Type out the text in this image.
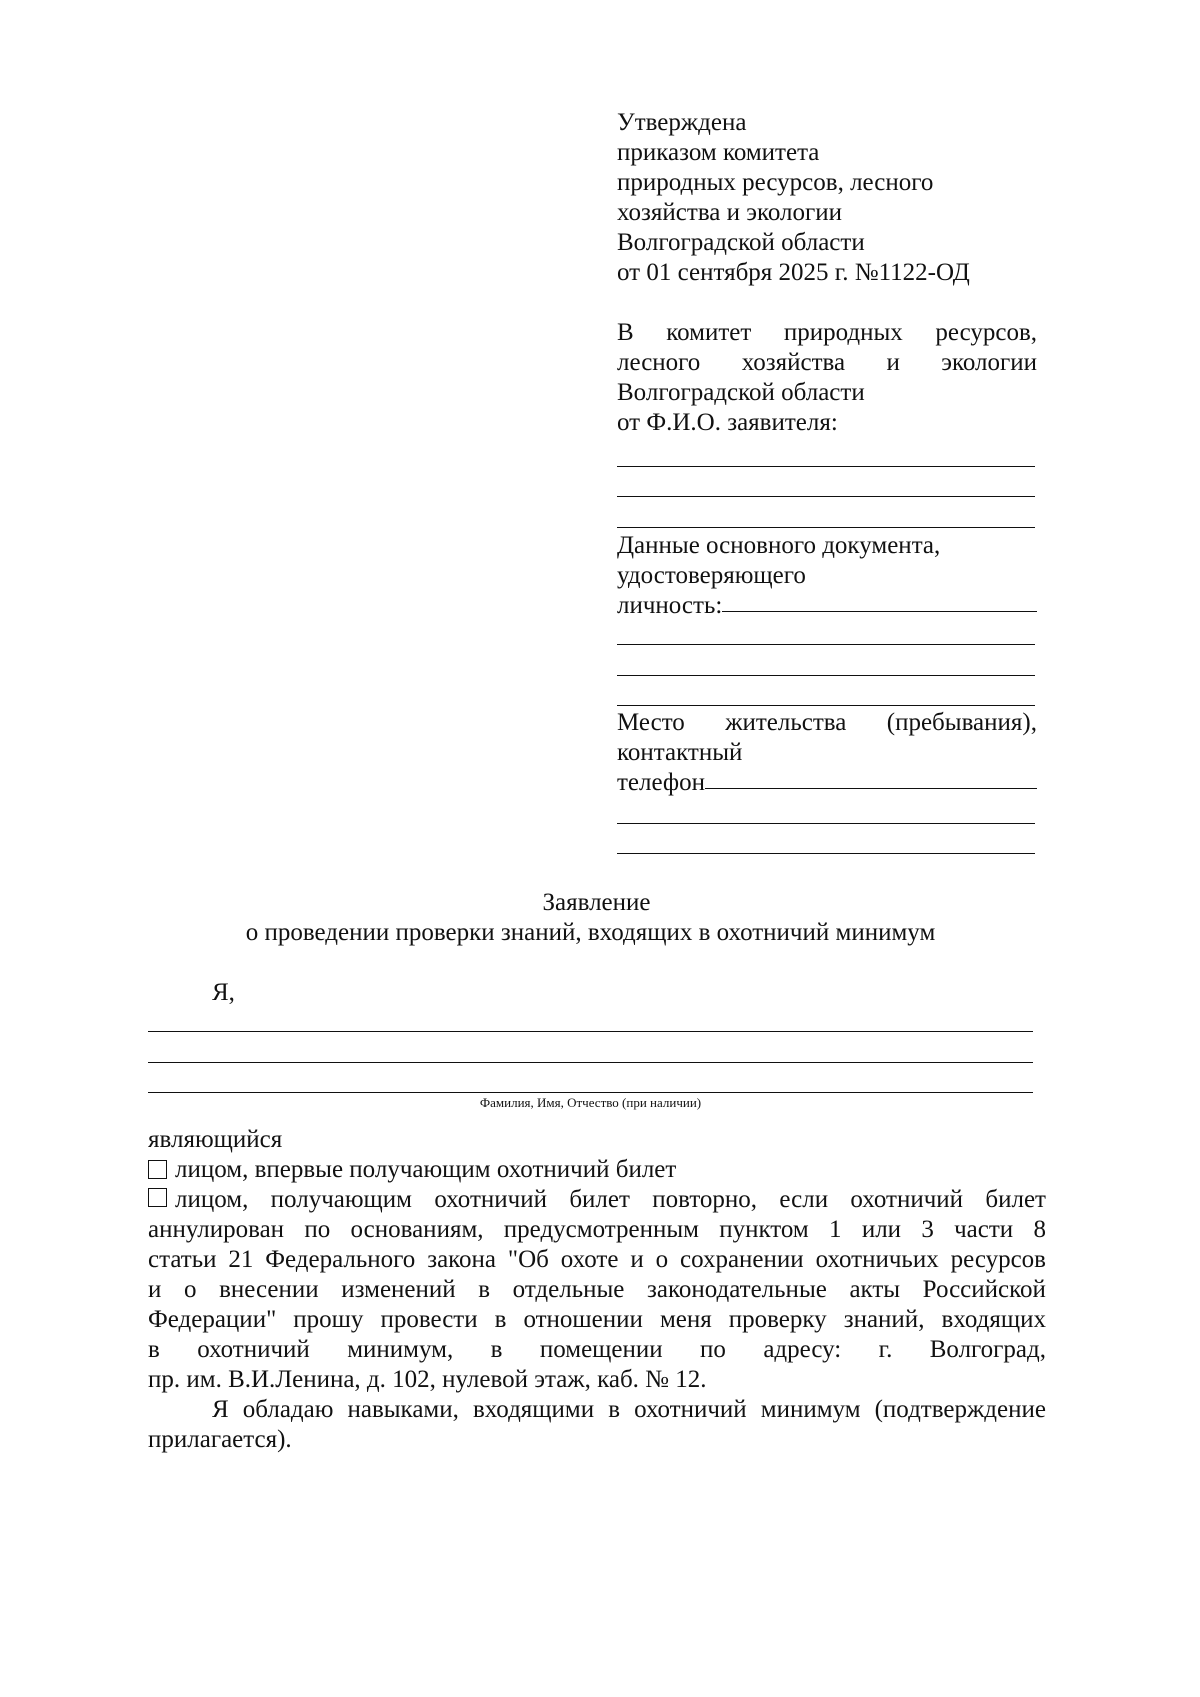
Утверждена
приказом комитета
природных ресурсов, лесного
хозяйства и экологии
Волгоградской области
от 01 сентября 2025 г. №1122-ОД
В комитет природных ресурсов,
лесного хозяйства и экологии
Волгоградской области
от Ф.И.О. заявителя:
Данные основного документа,
удостоверяющего
личность:
Место жительства (пребывания),
контактный
телефон
Заявление
о проведении проверки знаний, входящих в охотничий минимум
Я,
Фамилия, Имя, Отчество (при наличии)
являющийся
лицом, впервые получающим охотничий билет
лицом, получающим охотничий билет повторно, если охотничий билет
аннулирован по основаниям, предусмотренным пунктом 1 или 3 части 8
статьи 21 Федерального закона "Об охоте и о сохранении охотничьих ресурсов
и о внесении изменений в отдельные законодательные акты Российской
Федерации" прошу провести в отношении меня проверку знаний, входящих
в охотничий минимум, в помещении по адресу: г. Волгоград,
пр. им. В.И.Ленина, д. 102, нулевой этаж, каб. № 12.
Я обладаю навыками, входящими в охотничий минимум (подтверждение
прилагается).
